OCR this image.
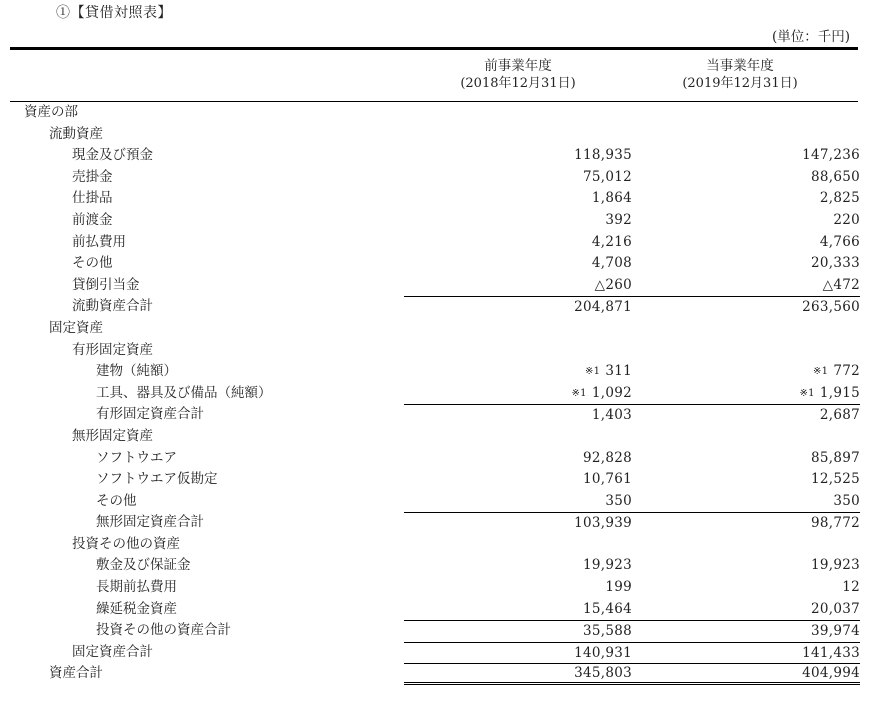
①【貸借対照表】
(単位：千円)
前事業年度
(2018年12月31日)
当事業年度
(2019年12月31日)
資産の部
流動資産
現金及び預金	118,935	147,236
売掛金	75,012	88,650
仕掛品	1,864	2,825
前渡金	392	220
前払費用	4,216	4,766
その他	4,708	20,333
貸倒引当金	△260	△472
流動資産合計	204,871	263,560
固定資産
有形固定資産
建物（純額）	※1 311	※1 772
工具、器具及び備品（純額）	※1 1,092	※1 1,915
有形固定資産合計	1,403	2,687
無形固定資産
ソフトウエア	92,828	85,897
ソフトウエア仮勘定	10,761	12,525
その他	350	350
無形固定資産合計	103,939	98,772
投資その他の資産
敷金及び保証金	19,923	19,923
長期前払費用	199	12
繰延税金資産	15,464	20,037
投資その他の資産合計	35,588	39,974
固定資産合計	140,931	141,433
資産合計	345,803	404,994
